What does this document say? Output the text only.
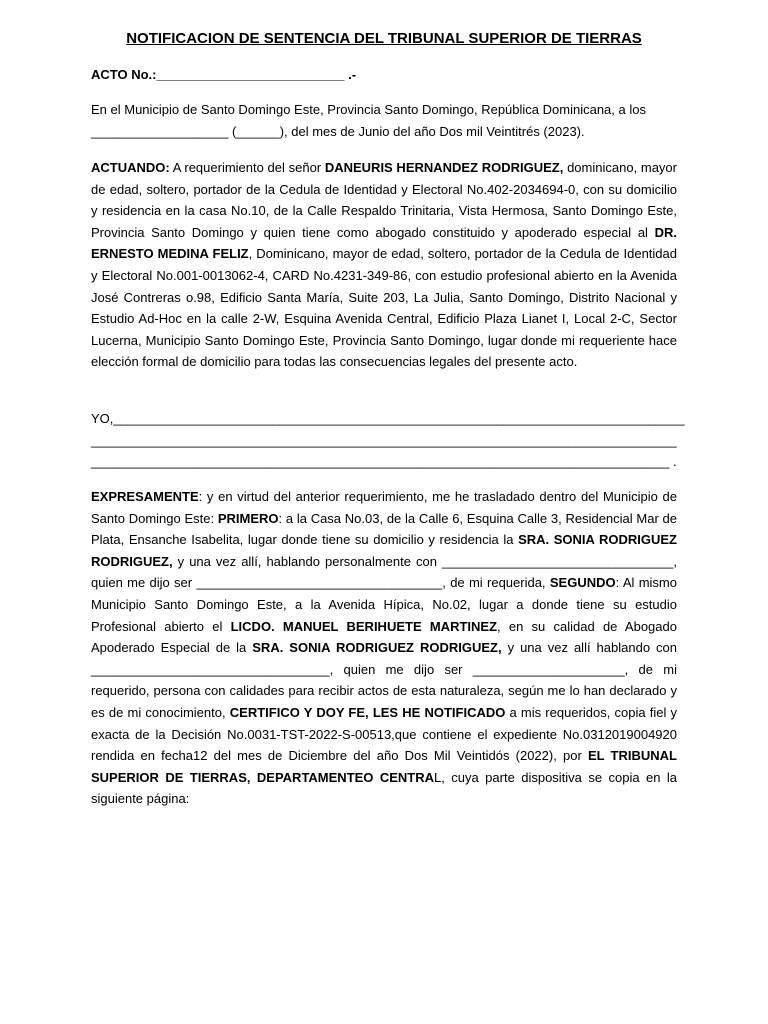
NOTIFICACION DE SENTENCIA DEL TRIBUNAL SUPERIOR DE TIERRAS
ACTO No.:__________________________ .-
En el Municipio de Santo Domingo Este, Provincia Santo Domingo, República Dominicana, a los
___________________ (______), del mes de Junio del año Dos mil Veintitrés (2023).
ACTUANDO: A requerimiento del señor DANEURIS HERNANDEZ RODRIGUEZ, dominicano, mayor de edad, soltero, portador de la Cedula de Identidad y Electoral No.402-2034694-0, con su domicilio y residencia en la casa No.10, de la Calle Respaldo Trinitaria, Vista Hermosa, Santo Domingo Este, Provincia Santo Domingo y quien tiene como abogado constituido y apoderado especial al DR. ERNESTO MEDINA FELIZ, Dominicano, mayor de edad, soltero, portador de la Cedula de Identidad y Electoral No.001-0013062-4, CARD No.4231-349-86, con estudio profesional abierto en la Avenida José Contreras o.98, Edificio Santa María, Suite 203, La Julia, Santo Domingo, Distrito Nacional y Estudio Ad-Hoc en la calle 2-W, Esquina Avenida Central, Edificio Plaza Lianet I, Local 2-C, Sector Lucerna, Municipio Santo Domingo Este, Provincia Santo Domingo, lugar donde mi requeriente hace elección formal de domicilio para todas las consecuencias legales del presente acto.
YO,_______________________________________________________________________________
_________________________________________________________________________________
________________________________________________________________________________ .
EXPRESAMENTE: y en virtud del anterior requerimiento, me he trasladado dentro del Municipio de Santo Domingo Este: PRIMERO: a la Casa No.03, de la Calle 6, Esquina Calle 3, Residencial Mar de Plata, Ensanche Isabelita, lugar donde tiene su domicilio y residencia la SRA. SONIA RODRIGUEZ RODRIGUEZ, y una vez allí, hablando personalmente con ________________________________, quien me dijo ser __________________________________, de mi requerida, SEGUNDO: Al mismo Municipio Santo Domingo Este, a la Avenida Hípica, No.02, lugar a donde tiene su estudio Profesional abierto el LICDO. MANUEL BERIHUETE MARTINEZ, en su calidad de Abogado Apoderado Especial de la SRA. SONIA RODRIGUEZ RODRIGUEZ, y una vez allí hablando con _________________________________, quien me dijo ser _____________________, de mi requerido, persona con calidades para recibir actos de esta naturaleza, según me lo han declarado y es de mi conocimiento, CERTIFICO Y DOY FE, LES HE NOTIFICADO a mis requeridos, copia fiel y exacta de la Decisión No.0031-TST-2022-S-00513,que contiene el expediente No.0312019004920 rendida en fecha12 del mes de Diciembre del año Dos Mil Veintidós (2022), por EL TRIBUNAL SUPERIOR DE TIERRAS, DEPARTAMENTEO CENTRAL, cuya parte dispositiva se copia en la siguiente página:
